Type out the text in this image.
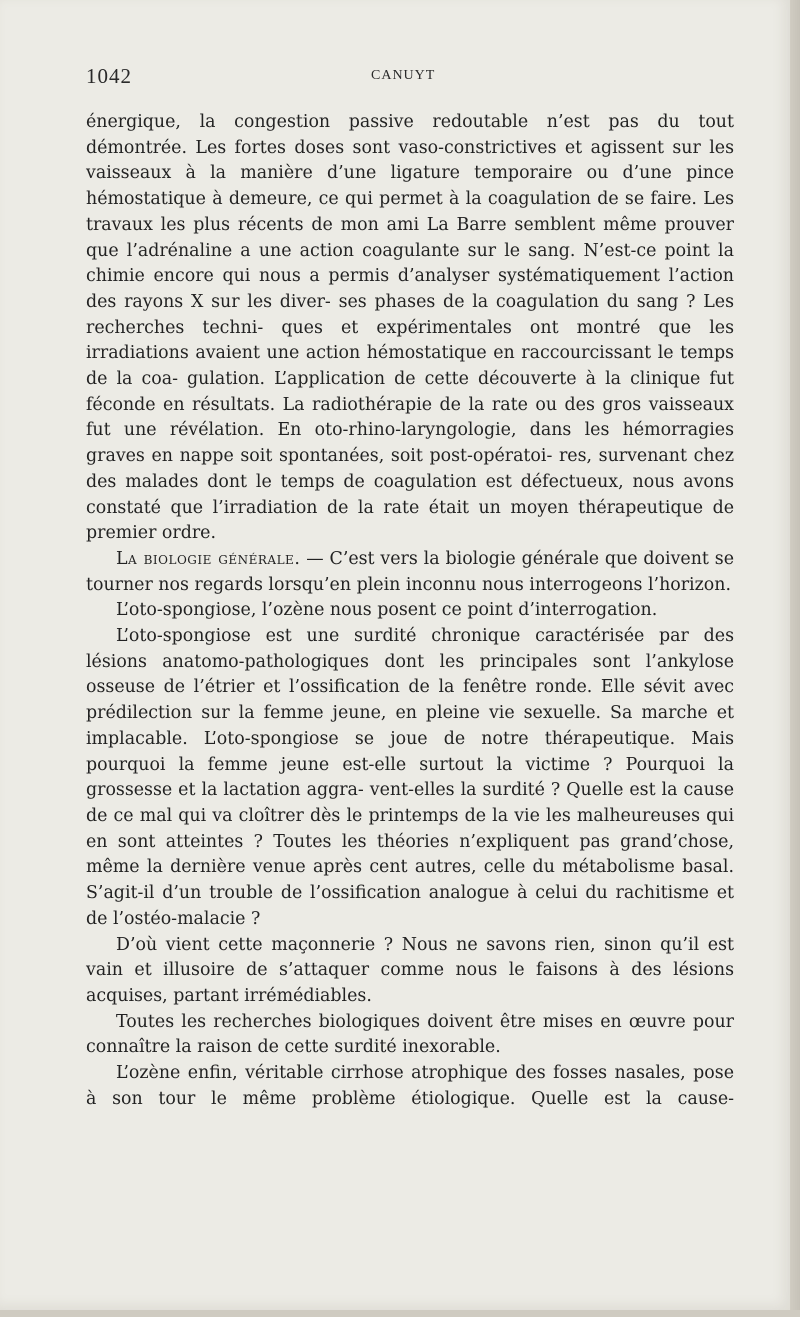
1042	CANUYT

énergique, la congestion passive redoutable n’est pas du tout démontrée. Les fortes doses sont vaso-constrictives et agissent sur les vaisseaux à la manière d’une ligature temporaire ou d’une pince hémostatique à demeure, ce qui permet à la coagulation de se faire. Les travaux les plus récents de mon ami La Barre semblent même prouver que l’adrénaline a une action coagulante sur le sang. N’est-ce point la chimie encore qui nous a permis d’analyser systématiquement l’action des rayons X sur les diver- ses phases de la coagulation du sang ? Les recherches techni- ques et expérimentales ont montré que les irradiations avaient une action hémostatique en raccourcissant le temps de la coa- gulation. L’application de cette découverte à la clinique fut féconde en résultats. La radiothérapie de la rate ou des gros vaisseaux fut une révélation. En oto-rhino-laryngologie, dans les hémorragies graves en nappe soit spontanées, soit post-opératoi- res, survenant chez des malades dont le temps de coagulation est défectueux, nous avons constaté que l’irradiation de la rate était un moyen thérapeutique de premier ordre.

La biologie générale. — C’est vers la biologie générale que doivent se tourner nos regards lorsqu’en plein inconnu nous interrogeons l’horizon.

L’oto-spongiose, l’ozène nous posent ce point d’interrogation.

L’oto-spongiose est une surdité chronique caractérisée par des lésions anatomo-pathologiques dont les principales sont l’ankylose osseuse de l’étrier et l’ossification de la fenêtre ronde. Elle sévit avec prédilection sur la femme jeune, en pleine vie sexuelle. Sa marche et implacable. L’oto-spongiose se joue de notre thérapeutique. Mais pourquoi la femme jeune est-elle surtout la victime ? Pourquoi la grossesse et la lactation aggra- vent-elles la surdité ? Quelle est la cause de ce mal qui va cloîtrer dès le printemps de la vie les malheureuses qui en sont atteintes ? Toutes les théories n’expliquent pas grand’chose, même la dernière venue après cent autres, celle du métabolisme basal. S’agit-il d’un trouble de l’ossification analogue à celui du rachitisme et de l’ostéo-malacie ?

D’où vient cette maçonnerie ? Nous ne savons rien, sinon qu’il est vain et illusoire de s’attaquer comme nous le faisons à des lésions acquises, partant irrémédiables.

Toutes les recherches biologiques doivent être mises en œuvre pour connaître la raison de cette surdité inexorable.

L’ozène enfin, véritable cirrhose atrophique des fosses nasales, pose à son tour le même problème étiologique. Quelle est la cause-
